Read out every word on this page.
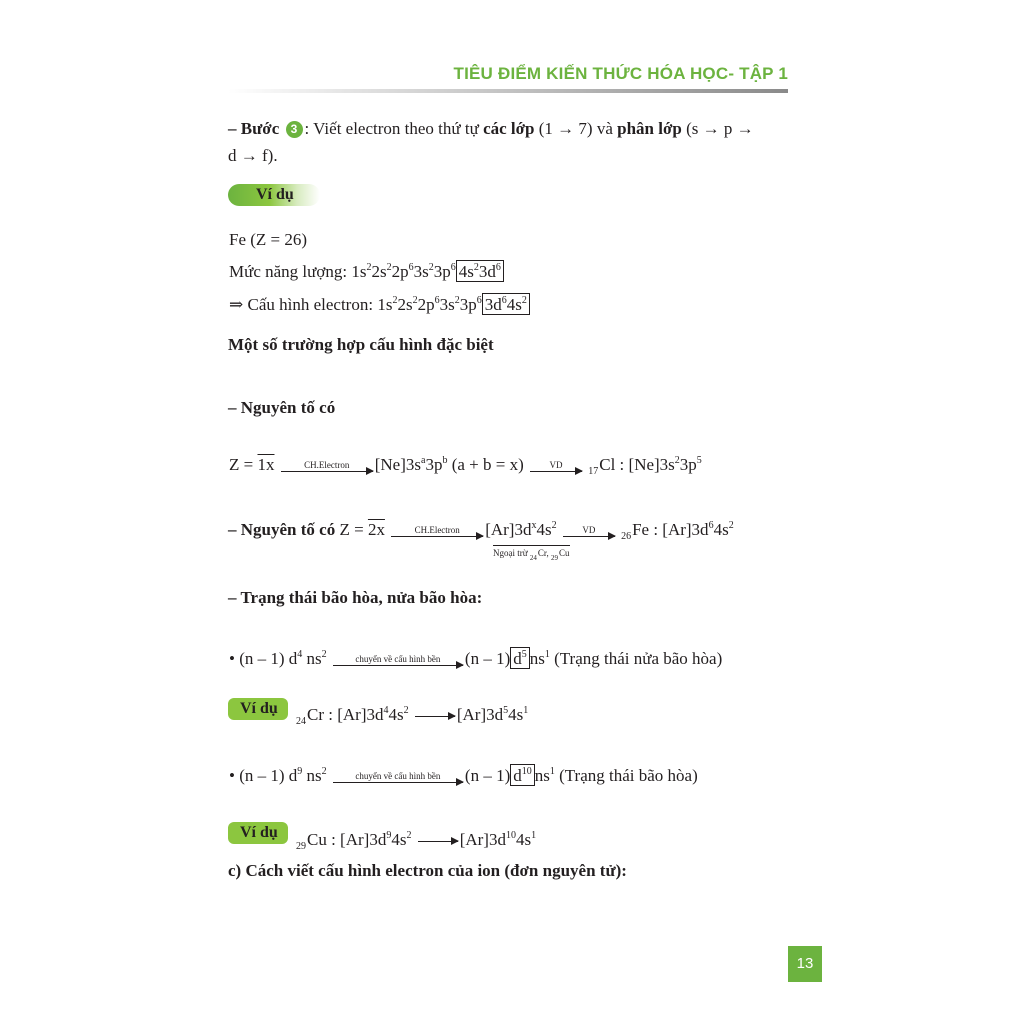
TIÊU ĐIỂM KIẾN THỨC HÓA HỌC- TẬP 1
– Bước 3 : Viết electron theo thứ tự các lớp (1 → 7) và phân lớp (s → p →
d → f).
Ví dụ
Fe (Z = 26)
Mức năng lượng: $1s^22s^22p^63s^23p^6$ $4s^23d^6$
⇒ Cấu hình electron: $1s^22s^22p^63s^23p^6$ $3d^64s^2$
Một số trường hợp cấu hình đặc biệt
– Nguyên tố có
Z = 1x	CH.Electron	$[Ne]3s^a3p^b$ (a + b = x)	VD
$_{17}$Cl : $[Ne]3s^23p^5$
– Nguyên tố có Z = 2x	CH.Electron	$[Ar]3d^x4s^2$	VD
$_{26}$Fe : $[Ar]3d^64s^2$
Ngoại trừ $_{24}$Cr, $_{29}$Cu
– Trạng thái bão hòa, nửa bão hòa:
• (n – 1) $d^4$ $ns^2$	chuyển về cấu hình bền	(n – 1) $d^5$ $ns^1$ (Trạng thái nửa bão hòa)
Ví dụ
$_{24}$Cr : $[Ar]3d^44s^2$	$[Ar]3d^54s^1$
• (n – 1) $d^9$ $ns^2$	chuyển về cấu hình bền	(n – 1) $d^{10}$ $ns^1$ (Trạng thái bão hòa)
Ví dụ
$_{29}$Cu : $[Ar]3d^94s^2$	$[Ar]3d^{10}4s^1$
c) Cách viết cấu hình electron của ion (đơn nguyên tử):
13
